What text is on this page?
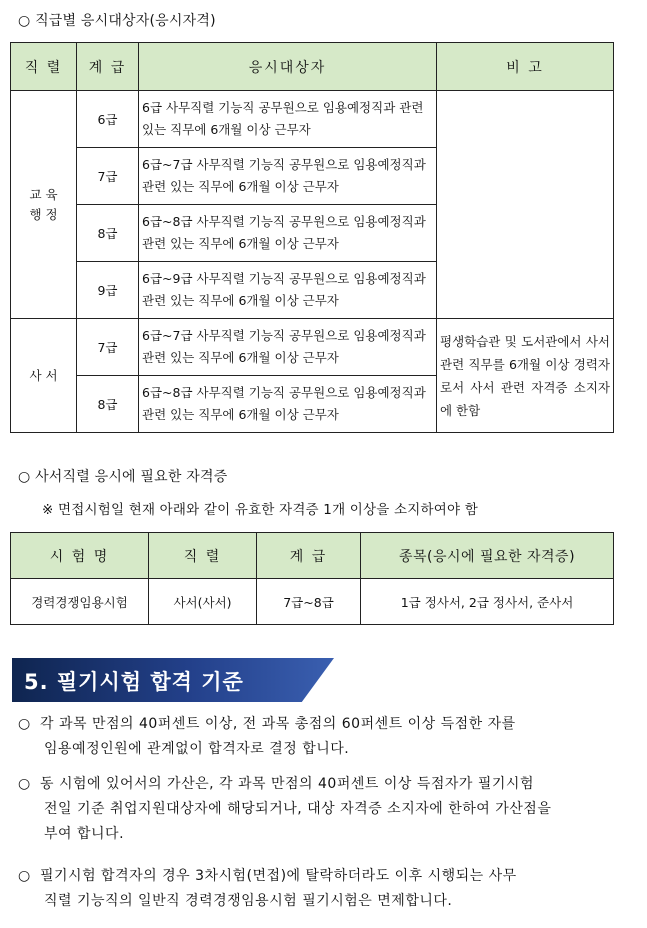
○ 직급별 응시대상자(응시자격)
직 렬	계 급	응시대상자	비 고
교 육
행 정	6급	6급 사무직렬 기능직 공무원으로 임용예정직과 관련 있는 직무에 6개월 이상 근무자	
	7급	6급~7급 사무직렬 기능직 공무원으로 임용예정직과 관련 있는 직무에 6개월 이상 근무자	
	8급	6급~8급 사무직렬 기능직 공무원으로 임용예정직과 관련 있는 직무에 6개월 이상 근무자	
	9급	6급~9급 사무직렬 기능직 공무원으로 임용예정직과 관련 있는 직무에 6개월 이상 근무자	
사 서	7급	6급~7급 사무직렬 기능직 공무원으로 임용예정직과 관련 있는 직무에 6개월 이상 근무자	평생학습관 및 도서관에서 사서관련 직무를 6개월 이상 경력자로서 사서 관련 자격증 소지자에 한함
	8급	6급~8급 사무직렬 기능직 공무원으로 임용예정직과 관련 있는 직무에 6개월 이상 근무자	
○ 사서직렬 응시에 필요한 자격증
※ 면접시험일 현재 아래와 같이 유효한 자격증 1개 이상을 소지하여야 함
시 험 명	직 렬	계 급	종목(응시에 필요한 자격증)
경력경쟁임용시험	사서(사서)	7급~8급	1급 정사서, 2급 정사서, 준사서
5. 필기시험 합격 기준
○ 각 과목 만점의 40퍼센트 이상, 전 과목 총점의 60퍼센트 이상 득점한 자를
임용예정인원에 관계없이 합격자로 결정 합니다.
○ 동 시험에 있어서의 가산은, 각 과목 만점의 40퍼센트 이상 득점자가 필기시험
전일 기준 취업지원대상자에 해당되거나, 대상 자격증 소지자에 한하여 가산점을
부여 합니다.
○ 필기시험 합격자의 경우 3차시험(면접)에 탈락하더라도 이후 시행되는 사무
직렬 기능직의 일반직 경력경쟁임용시험 필기시험은 면제합니다.
